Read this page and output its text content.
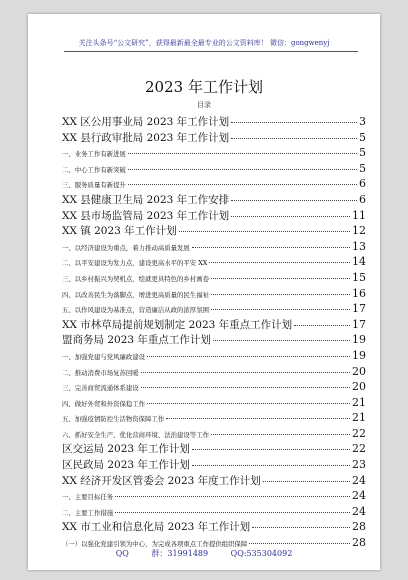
关注头条号“公文研究”，获得最新最全最专业的公文资料库！ 微信：gongwenyj
2023 年工作计划
目录
XX 区公用事业局 2023 年工作计划	3
XX 县行政审批局 2023 年工作计划	5
一、业务工作有新进展	5
二、中心工作有新突破	5
三、服务质量有新提升	6
XX 县健康卫生局 2023 年工作安排	6
XX 县市场监管局 2023 年工作计划	11
XX 镇 2023 年工作计划	12
一、以经济建设为重点，着力推动高质量发展	13
二、以平安建设为发力点，建设更高水平的平安 XX	14
三、以乡村振兴为契机点，绘就更具特色的乡村画卷	15
四、以改善民生为落脚点，增进更高质量的民生福祉	16
五、以作风建设为基准点，营造廉洁从政的浓厚氛围	17
XX 市林草局提前规划制定 2023 年重点工作计划	17
盟商务局 2023 年重点工作计划	19
一、加强党建与党风廉政建设	19
二、推动消费市场复苏回暖	20
三、完善商贸流通体系建设	20
四、做好外贸和外资保稳工作	21
五、加强疫情防控生活物资保障工作	21
六、抓好安全生产、优化营商环境、法治建设等工作	22
区交运局 2023 年工作计划	22
区民政局 2023 年工作计划	23
XX 经济开发区管委会 2023 年度工作计划	24
一、主要目标任务	24
二、主要工作措施	24
XX 市工业和信息化局 2023 年工作计划	28
（一）以强化党建引领为中心，为完成各项重点工作提供组织保障	28
QQ 群：31991489	QQ:535304092
